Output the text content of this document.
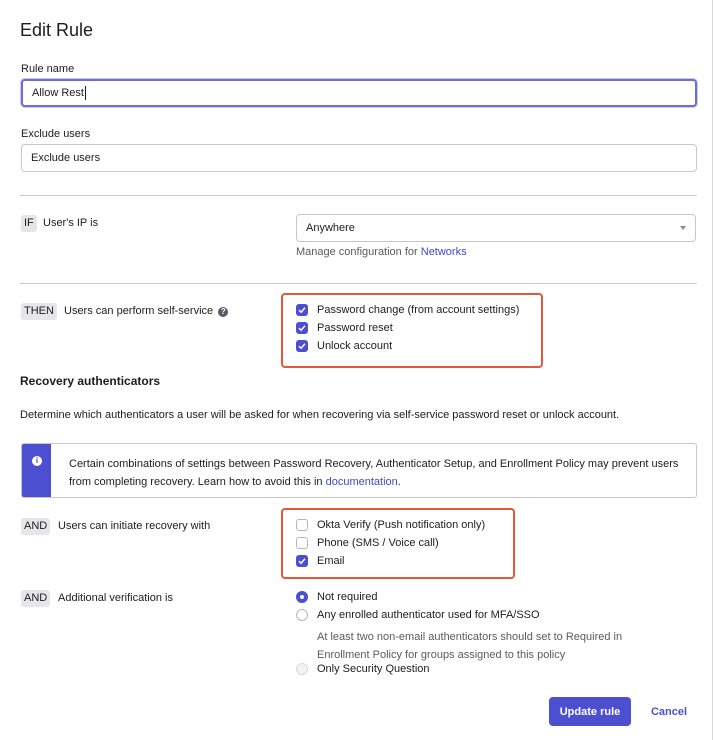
Edit Rule
Rule name
Allow Rest
Exclude users
Exclude users
IF User's IP is	Anywhere
Manage configuration for Networks
THEN Users can perform self-service ?	Password change (from account settings)
Password reset
Unlock account
Recovery authenticators
Determine which authenticators a user will be asked for when recovering via self-service password reset or unlock account.
i	Certain combinations of settings between Password Recovery, Authenticator Setup, and Enrollment Policy may prevent users from completing recovery. Learn how to avoid this in documentation.
AND Users can initiate recovery with	Okta Verify (Push notification only)
Phone (SMS / Voice call)
Email
AND Additional verification is	Not required
Any enrolled authenticator used for MFA/SSO
At least two non-email authenticators should set to Required in
Enrollment Policy for groups assigned to this policy
Only Security Question
Update rule	Cancel
